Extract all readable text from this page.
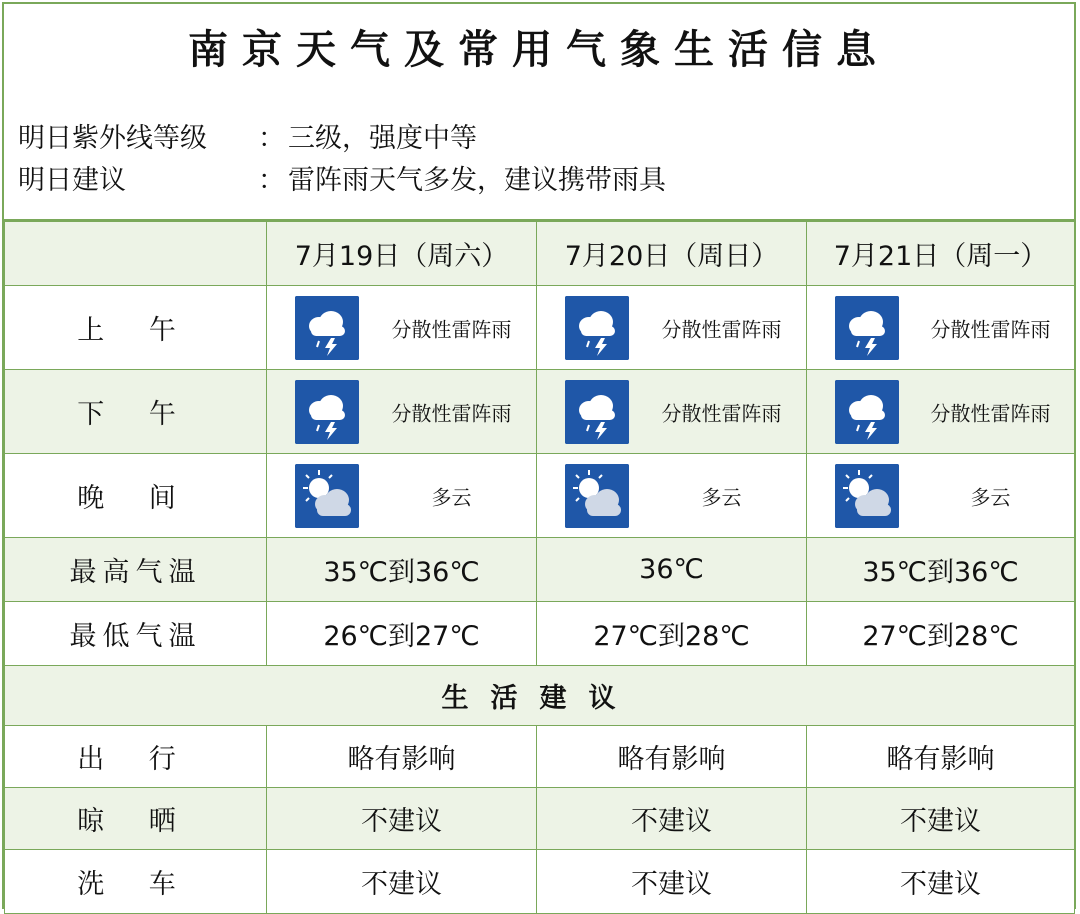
南京天气及常用气象生活信息
明日紫外线等级	： 三级，强度中等
明日建议	： 雷阵雨天气多发，建议携带雨具
	7月19日（周六）	7月20日（周日）	7月21日（周一）
上 午	分散性雷阵雨	分散性雷阵雨	分散性雷阵雨

下 午	分散性雷阵雨	分散性雷阵雨	分散性雷阵雨

晚 间	多云	多云	多云

最高气温	35℃到36℃	36℃	35℃到36℃
最低气温	26℃到27℃	27℃到28℃	27℃到28℃
生活建议			
出 行	略有影响	略有影响	略有影响
晾 晒	不建议	不建议	不建议
洗 车	不建议	不建议	不建议
